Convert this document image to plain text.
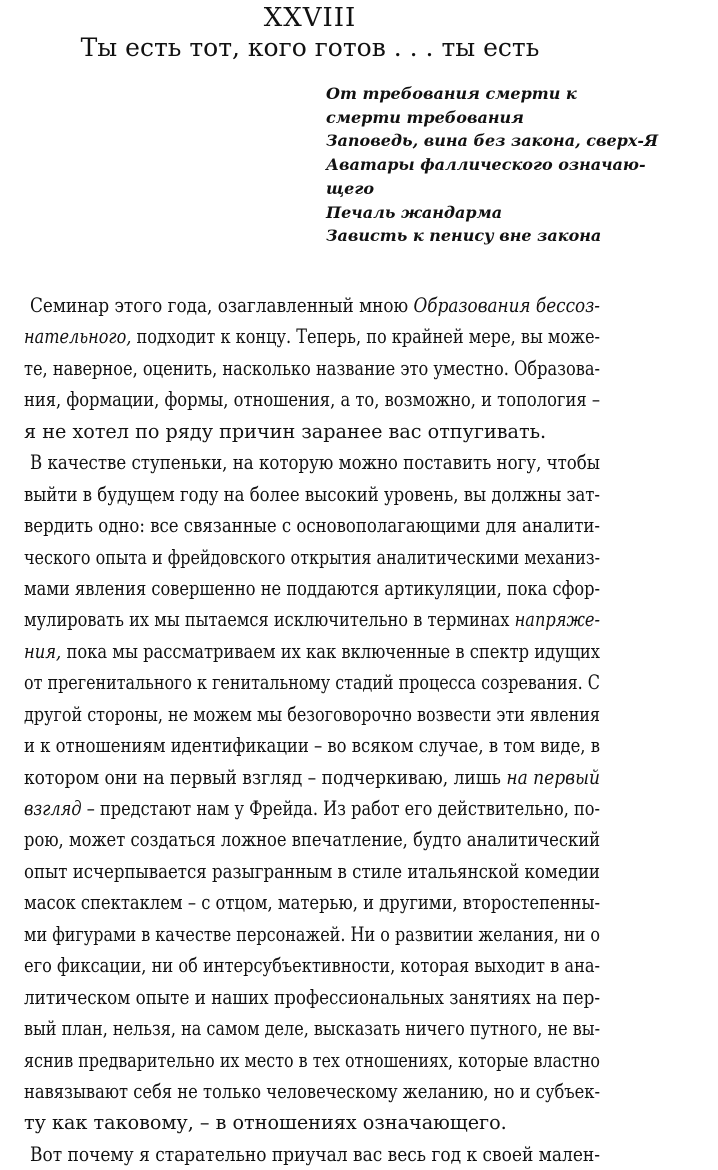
XXVIII
Ты есть тот, кого готов . . . ты есть
От требования смерти к
смерти требования
Заповедь, вина без закона, сверх-Я
Аватары фаллического означаю-
щего
Печаль жандарма
Зависть к пенису вне закона
Семинар этого года, озаглавленный мною Образования бессоз-
нательного, подходит к концу. Теперь, по крайней мере, вы може-
те, наверное, оценить, насколько название это уместно. Образова-
ния, формации, формы, отношения, а то, возможно, и топология –
я не хотел по ряду причин заранее вас отпугивать.
В качестве ступеньки, на которую можно поставить ногу, чтобы
выйти в будущем году на более высокий уровень, вы должны зат-
вердить одно: все связанные с основополагающими для аналити-
ческого опыта и фрейдовского открытия аналитическими механиз-
мами явления совершенно не поддаются артикуляции, пока сфор-
мулировать их мы пытаемся исключительно в терминах напряже-
ния, пока мы рассматриваем их как включенные в спектр идущих
от прегенитального к генитальному стадий процесса созревания. С
другой стороны, не можем мы безоговорочно возвести эти явления
и к отношениям идентификации – во всяком случае, в том виде, в
котором они на первый взгляд – подчеркиваю, лишь на первый
взгляд – предстают нам у Фрейда. Из работ его действительно, по-
рою, может создаться ложное впечатление, будто аналитический
опыт исчерпывается разыгранным в стиле итальянской комедии
масок спектаклем – с отцом, матерью, и другими, второстепенны-
ми фигурами в качестве персонажей. Ни о развитии желания, ни о
его фиксации, ни об интерсубъективности, которая выходит в ана-
литическом опыте и наших профессиональных занятиях на пер-
вый план, нельзя, на самом деле, высказать ничего путного, не вы-
яснив предварительно их место в тех отношениях, которые властно
навязывают себя не только человеческому желанию, но и субъек-
ту как таковому, – в отношениях означающего.
Вот почему я старательно приучал вас весь год к своей мален-
